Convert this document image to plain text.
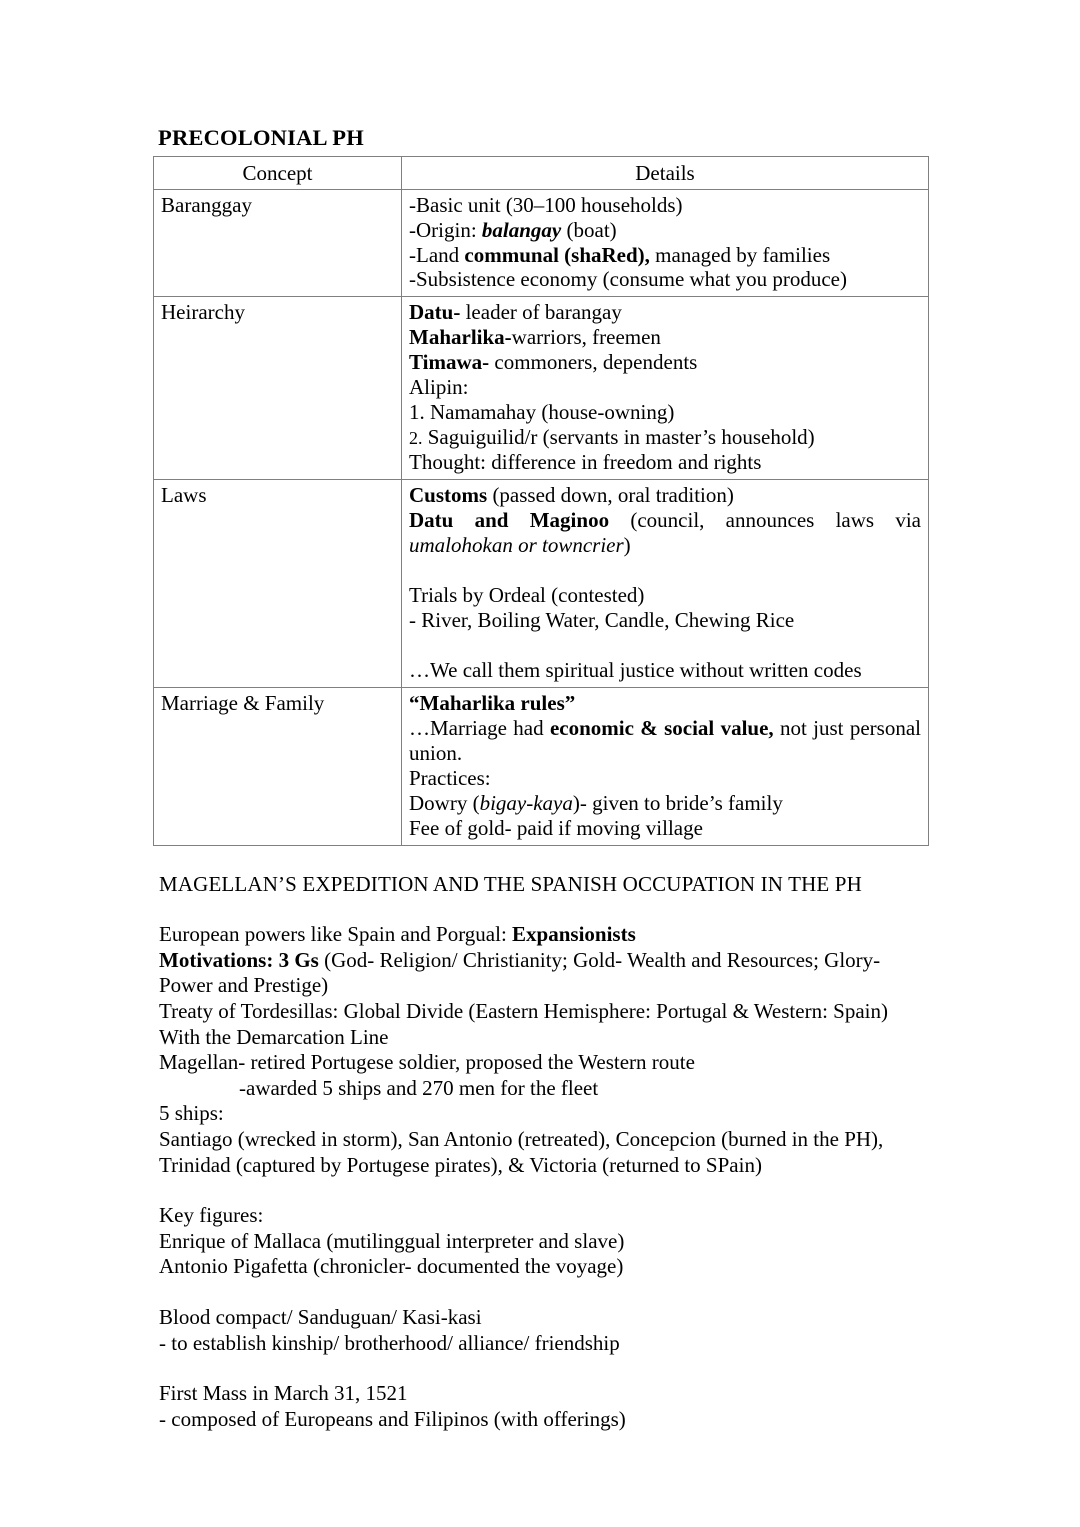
PRECOLONIAL PH
Concept	Details
Baranggay	-Basic unit (30–100 households)
-Origin: balangay (boat)
-Land communal (shaRed), managed by families
-Subsistence economy (consume what you produce)

Heirarchy	Datu- leader of barangay
Maharlika-warriors, freemen
Timawa- commoners, dependents
Alipin:
1. Namamahay (house-owning)
2. Saguiguilid/r (servants in master’s household)
Thought: difference in freedom and rights

Laws	Customs (passed down, oral tradition)
Datu and Maginoo (council, announces laws via umalohokan or towncrier)
Trials by Ordeal (contested)
- River, Boiling Water, Candle, Chewing Rice
…We call them spiritual justice without written codes

Marriage & Family	“Maharlika rules”
…Marriage had economic & social value, not just personal union.
Practices:
Dowry (bigay-kaya)- given to bride’s family
Fee of gold- paid if moving village
MAGELLAN’S EXPEDITION AND THE SPANISH OCCUPATION IN THE PH
European powers like Spain and Porgual: Expansionists
Motivations: 3 Gs (God- Religion/ Christianity; Gold- Wealth and Resources; Glory- Power and Prestige)
Treaty of Tordesillas: Global Divide (Eastern Hemisphere: Portugal & Western: Spain)
With the Demarcation Line
Magellan- retired Portugese soldier, proposed the Western route
-awarded 5 ships and 270 men for the fleet
5 ships:
Santiago (wrecked in storm), San Antonio (retreated), Concepcion (burned in the PH), Trinidad (captured by Portugese pirates), & Victoria (returned to SPain)
Key figures:
Enrique of Mallaca (mutilinggual interpreter and slave)
Antonio Pigafetta (chronicler- documented the voyage)
Blood compact/ Sanduguan/ Kasi-kasi
- to establish kinship/ brotherhood/ alliance/ friendship
First Mass in March 31, 1521
- composed of Europeans and Filipinos (with offerings)
